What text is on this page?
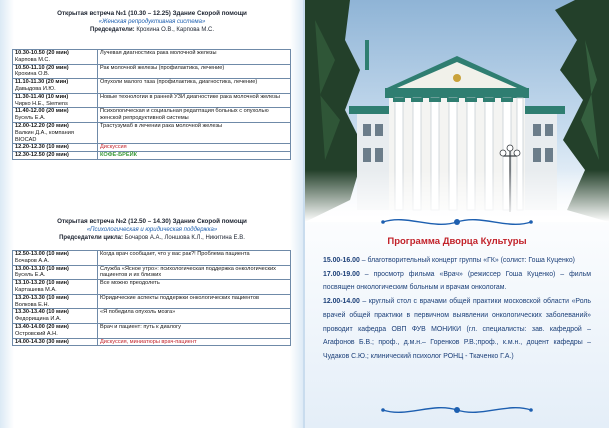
Открытая встреча №1 (10.30 – 12.25) Здание Скорой помощи
«Женская репродуктивная система»
Председатели: Крохина О.В., Карпова М.С.
10.30-10.50 (20 мин)
Карпова М.С.	Лучевая диагностика рака молочной железы
10.50-11.10 (20 мин)
Крохина О.В.	Рак молочной железы (профилактика, лечение)
11.10-11.30 (20 мин)
Давыдова И.Ю.	Опухоли малого таза (профилактика, диагностика, лечение)
11.30-11.40 (10 мин)
Чирко Н.Е., Siemens	Новые технологии в ранней УЗИ диагностике рака молочной железы
11.40-12.00 (20 мин)
Бусель Е.А.	Психологическая и социальная редаптация больных с опухолью женской репродуктивной системы
12.00-12.20 (20 мин)
Валкин Д.А., компания BIOCAD	Трастузумаб в лечении рака молочной железы
12.20-12.30 (10 мин)	Дискуссия
12.30-12.50 (20 мин)	КОФЕ-БРЕЙК
Открытая встреча №2 (12.50 – 14.30) Здание Скорой помощи
«Психологическая и юридическая поддержка»
Председатели цикла: Бочаров А.А., Лоншова К.Л., Никитина Е.В.
12.50-13.00 (10 мин)
Бочаров А.А.	Когда врач сообщает, что у вас рак?! Проблема пациента
13.00-13.10 (10 мин)
Бусель Е.А.	Служба «Ясное утро»: психологическая поддержка онкологических пациентов и их близких
13.10-13.20 (10 мин)
Карташева М.А.	Все можно преодолеть
13.20-13.30 (10 мин)
Волкова Е.Н.	Юридические аспекты поддержки онкологических пациентов
13.30-13.40 (10 мин)
Федорищина И.А.	«Я победила опухоль мозга»
13.40-14.00 (20 мин)
Островский А.Н.	Врач и пациент: путь к диалогу
14.00-14.30 (30 мин)	Дискуссия, миниатюры врач-пациент
Программа Дворца Культуры

15.00-16.00 – благотворительный концерт группы «ГК» (солист: Гоша Куценко)

17.00-19.00 – просмотр фильма «Врач» (режиссер Гоша Куценко) – фильм посвящен онкологическим больным и врачам онкологам.

12.00-14.00 – круглый стол с врачами общей практики московской области «Роль врачей общей практики в первичном выявлении онкологических заболеваний» проводит кафедра ОВП ФУВ МОНИКИ (гл. специалисты: зав. кафедрой – Агафонов Б.В.; проф., д.м.н.– Горенков Р.В.;проф., к.м.н., доцент кафедры – Чудаков С.Ю.; клинический психолог РОНЦ - Ткаченко Г.А.)
